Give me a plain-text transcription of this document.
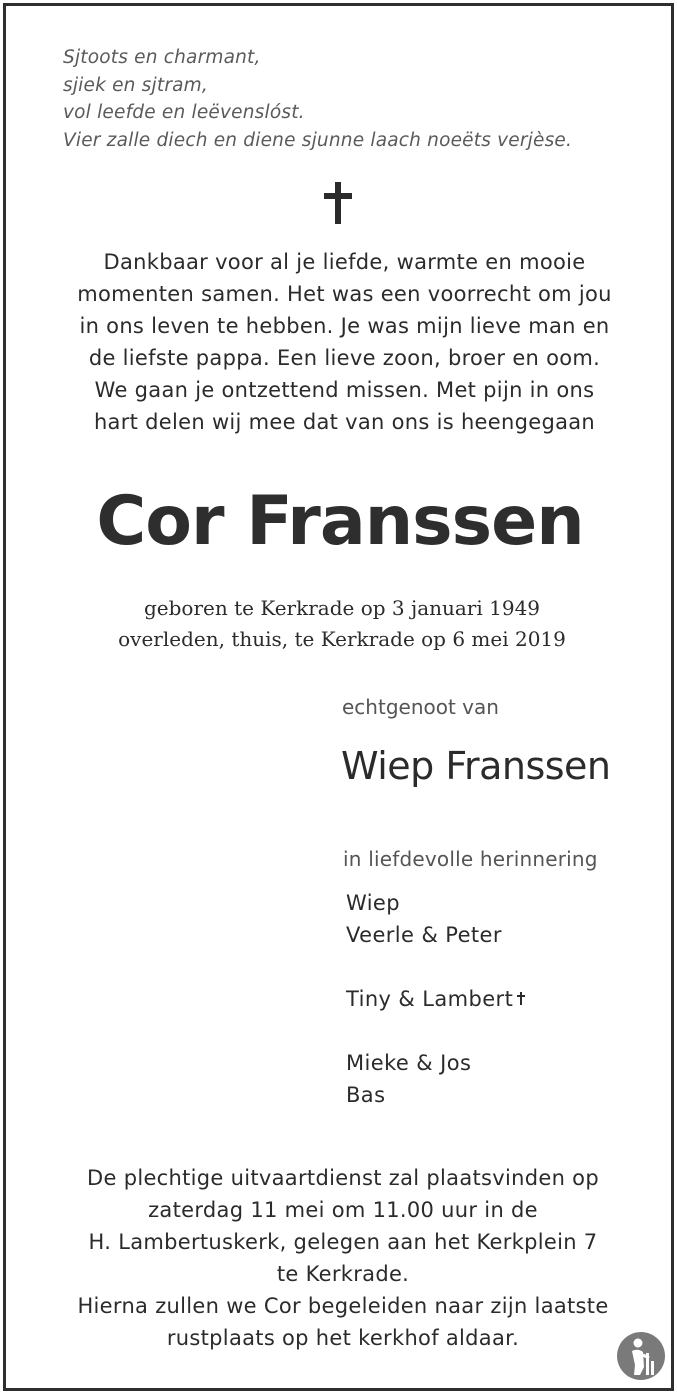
Sjtoots en charmant,
sjiek en sjtram,
vol leefde en leëvenslóst.
Vier zalle diech en diene sjunne laach noeëts verjèse.
Dankbaar voor al je liefde, warmte en mooie
momenten samen. Het was een voorrecht om jou
in ons leven te hebben. Je was mijn lieve man en
de liefste pappa. Een lieve zoon, broer en oom.
We gaan je ontzettend missen. Met pijn in ons
hart delen wij mee dat van ons is heengegaan
Cor Franssen
geboren te Kerkrade op 3 januari 1949
overleden, thuis, te Kerkrade op 6 mei 2019
echtgenoot van
Wiep Franssen
in liefdevolle herinnering
Wiep
Veerle & Peter
Tiny & Lambert
Mieke & Jos
Bas
De plechtige uitvaartdienst zal plaatsvinden op
zaterdag 11 mei om 11.00 uur in de
H. Lambertuskerk, gelegen aan het Kerkplein 7
te Kerkrade.
Hierna zullen we Cor begeleiden naar zijn laatste
rustplaats op het kerkhof aldaar.
